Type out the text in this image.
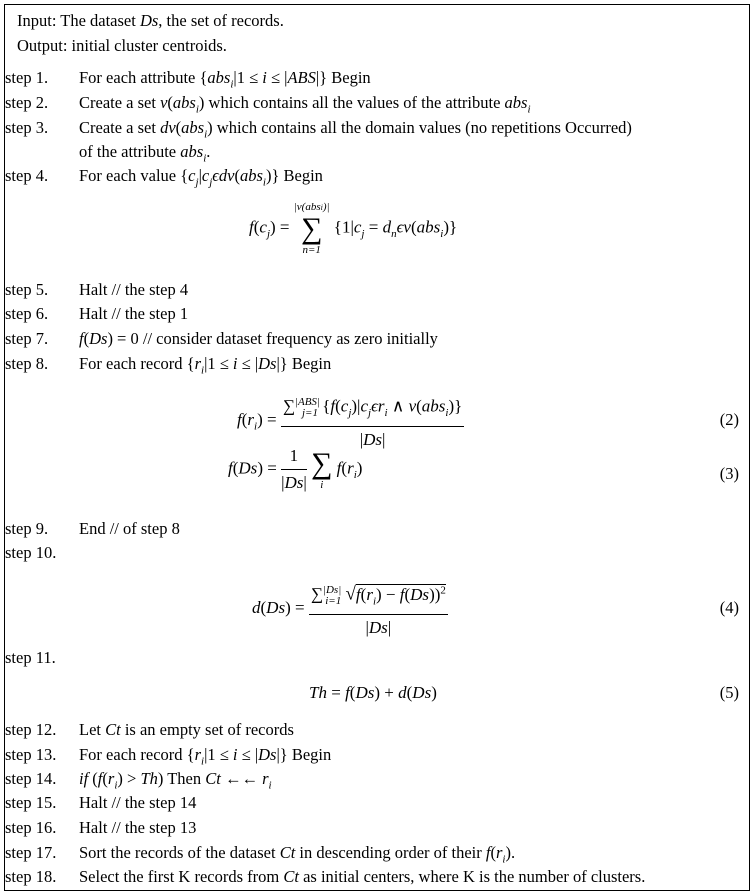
Input: The dataset Ds, the set of records.
Output: initial cluster centroids.
step 1. For each attribute {abs$_i$|1 ≤ i ≤ |ABS|} Begin
step 2. Create a set v(abs$_i$) which contains all the values of the attribute abs$_i$
step 3. Create a set dv(abs$_i$) which contains all the domain values (no repetitions Occurred)
of the attribute abs$_i$.
step 4. For each value $\{c_j|c_j\epsilon dv(abs_i)\}$ Begin
$f(c_j)$ =
|v(absi)|
∑
n=1
$\{1|c_j = d_n\epsilon v(abs_i)\}$
step 5. Halt // the step 4
step 6. Halt // the step 1
step 7. f(Ds) = 0 // consider dataset frequency as zero initially
step 8. For each record $\{r_i|1 \le i \le |Ds|\}$ Begin
$f(r_i) = \frac{\sum^{|ABS|}_{j=1} \{f(c_j)|c_j\epsilon r_i \wedge v(abs_i)\}}{|Ds|}$	(2)
$f(Ds) = \frac{1}{|Ds|}$
∑
i
$f(r_i)$	(3)
step 9. End // of step 8
step 10.
$d(Ds) = \frac{\sum^{|Ds|}_{i=1} √f(r_i) - f(Ds))^2}{|Ds|}$	(4)
step 11.
Th = f(Ds) + d(Ds)	(5)
step 12. Let Ct is an empty set of records
step 13. For each record $\{r_i|1 \le i \le |Ds|\}$ Begin
step 14. if $(f(r_i) > Th)$ Then Ct ←← $r_i$
step 15. Halt // the step 14
step 16. Halt // the step 13
step 17. Sort the records of the dataset Ct in descending order of their $f(r_i)$.
step 18. Select the first K records from Ct as initial centers, where K is the number of clusters.
